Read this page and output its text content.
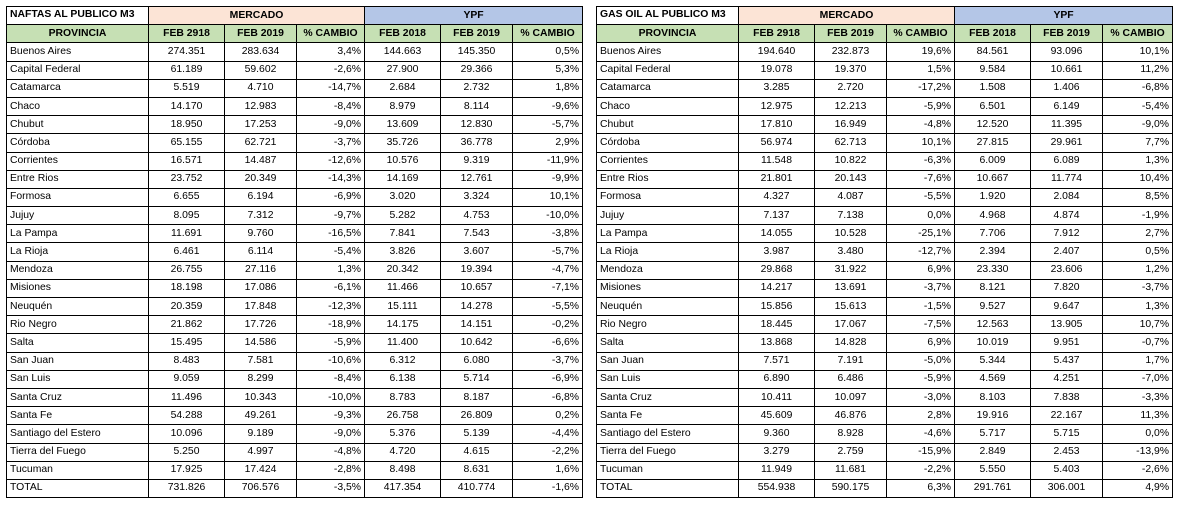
NAFTAS AL PUBLICO M3	MERCADO			YPF		

PROVINCIA	FEB 2918	FEB 2019	% CAMBIO	FEB 2018	FEB 2019	% CAMBIO
Buenos Aires	274.351	283.634	3,4%	144.663	145.350	0,5%
Capital Federal	61.189	59.602	-2,6%	27.900	29.366	5,3%
Catamarca	5.519	4.710	-14,7%	2.684	2.732	1,8%
Chaco	14.170	12.983	-8,4%	8.979	8.114	-9,6%
Chubut	18.950	17.253	-9,0%	13.609	12.830	-5,7%
Córdoba	65.155	62.721	-3,7%	35.726	36.778	2,9%
Corrientes	16.571	14.487	-12,6%	10.576	9.319	-11,9%
Entre Rios	23.752	20.349	-14,3%	14.169	12.761	-9,9%
Formosa	6.655	6.194	-6,9%	3.020	3.324	10,1%
Jujuy	8.095	7.312	-9,7%	5.282	4.753	-10,0%
La Pampa	11.691	9.760	-16,5%	7.841	7.543	-3,8%
La Rioja	6.461	6.114	-5,4%	3.826	3.607	-5,7%
Mendoza	26.755	27.116	1,3%	20.342	19.394	-4,7%
Misiones	18.198	17.086	-6,1%	11.466	10.657	-7,1%
Neuquén	20.359	17.848	-12,3%	15.111	14.278	-5,5%
Rio Negro	21.862	17.726	-18,9%	14.175	14.151	-0,2%
Salta	15.495	14.586	-5,9%	11.400	10.642	-6,6%
San Juan	8.483	7.581	-10,6%	6.312	6.080	-3,7%
San Luis	9.059	8.299	-8,4%	6.138	5.714	-6,9%
Santa Cruz	11.496	10.343	-10,0%	8.783	8.187	-6,8%
Santa Fe	54.288	49.261	-9,3%	26.758	26.809	0,2%
Santiago del Estero	10.096	9.189	-9,0%	5.376	5.139	-4,4%
Tierra del Fuego	5.250	4.997	-4,8%	4.720	4.615	-2,2%
Tucuman	17.925	17.424	-2,8%	8.498	8.631	1,6%
TOTAL	731.826	706.576	-3,5%	417.354	410.774	-1,6%
GAS OIL AL PUBLICO M3	MERCADO			YPF		

PROVINCIA	FEB 2918	FEB 2019	% CAMBIO	FEB 2018	FEB 2019	% CAMBIO
Buenos Aires	194.640	232.873	19,6%	84.561	93.096	10,1%
Capital Federal	19.078	19.370	1,5%	9.584	10.661	11,2%
Catamarca	3.285	2.720	-17,2%	1.508	1.406	-6,8%
Chaco	12.975	12.213	-5,9%	6.501	6.149	-5,4%
Chubut	17.810	16.949	-4,8%	12.520	11.395	-9,0%
Córdoba	56.974	62.713	10,1%	27.815	29.961	7,7%
Corrientes	11.548	10.822	-6,3%	6.009	6.089	1,3%
Entre Rios	21.801	20.143	-7,6%	10.667	11.774	10,4%
Formosa	4.327	4.087	-5,5%	1.920	2.084	8,5%
Jujuy	7.137	7.138	0,0%	4.968	4.874	-1,9%
La Pampa	14.055	10.528	-25,1%	7.706	7.912	2,7%
La Rioja	3.987	3.480	-12,7%	2.394	2.407	0,5%
Mendoza	29.868	31.922	6,9%	23.330	23.606	1,2%
Misiones	14.217	13.691	-3,7%	8.121	7.820	-3,7%
Neuquén	15.856	15.613	-1,5%	9.527	9.647	1,3%
Rio Negro	18.445	17.067	-7,5%	12.563	13.905	10,7%
Salta	13.868	14.828	6,9%	10.019	9.951	-0,7%
San Juan	7.571	7.191	-5,0%	5.344	5.437	1,7%
San Luis	6.890	6.486	-5,9%	4.569	4.251	-7,0%
Santa Cruz	10.411	10.097	-3,0%	8.103	7.838	-3,3%
Santa Fe	45.609	46.876	2,8%	19.916	22.167	11,3%
Santiago del Estero	9.360	8.928	-4,6%	5.717	5.715	0,0%
Tierra del Fuego	3.279	2.759	-15,9%	2.849	2.453	-13,9%
Tucuman	11.949	11.681	-2,2%	5.550	5.403	-2,6%
TOTAL	554.938	590.175	6,3%	291.761	306.001	4,9%
